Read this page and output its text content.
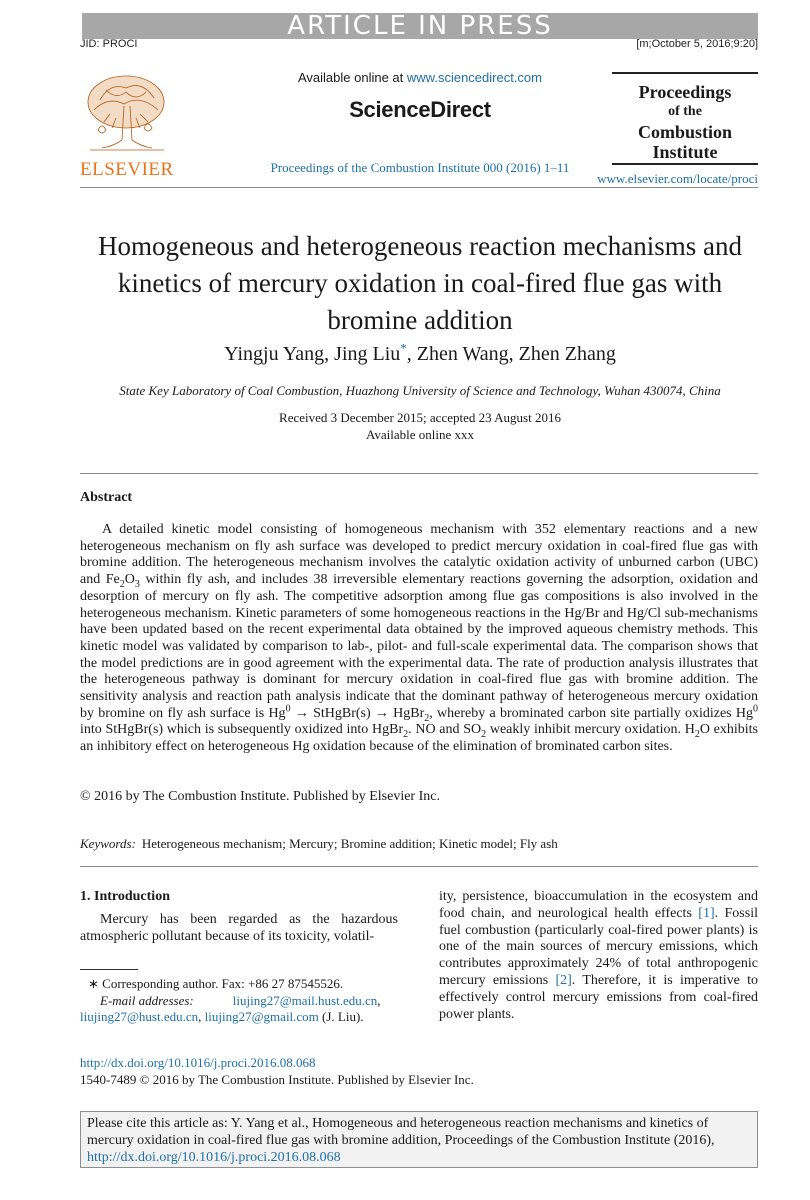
ARTICLE IN PRESS
JID: PROCI	[m;October 5, 2016;9:20]
ELSEVIER
Available online at www.sciencedirect.com
ScienceDirect
Proceedings of the Combustion Institute 000 (2016) 1–11
Proceedings
of the
Combustion
Institute
www.elsevier.com/locate/proci
Homogeneous and heterogeneous reaction mechanisms and kinetics of mercury oxidation in coal-fired flue gas with bromine addition
Yingju Yang, Jing Liu*, Zhen Wang, Zhen Zhang
State Key Laboratory of Coal Combustion, Huazhong University of Science and Technology, Wuhan 430074, China
Received 3 December 2015; accepted 23 August 2016
Available online xxx
Abstract

A detailed kinetic model consisting of homogeneous mechanism with 352 elementary reactions and a new heterogeneous mechanism on fly ash surface was developed to predict mercury oxidation in coal-fired flue gas with bromine addition. The heterogeneous mechanism involves the catalytic oxidation activity of unburned carbon (UBC) and $Fe_2O_3$ within fly ash, and includes 38 irreversible elementary reactions governing the adsorption, oxidation and desorption of mercury on fly ash. The competitive adsorption among flue gas compositions is also involved in the heterogeneous mechanism. Kinetic parameters of some homogeneous reactions in the Hg/Br and Hg/Cl sub-mechanisms have been updated based on the recent experimental data obtained by the improved aqueous chemistry methods. This kinetic model was validated by comparison to lab-, pilot- and full-scale experimental data. The comparison shows that the model predictions are in good agreement with the experimental data. The rate of production analysis illustrates that the heterogeneous pathway is dominant for mercury oxidation in coal-fired flue gas with bromine addition. The sensitivity analysis and reaction path analysis indicate that the dominant pathway of heterogeneous mercury oxidation by bromine on fly ash surface is $Hg^0$ → StHgBr(s) → HgBr$_2$, whereby a brominated carbon site partially oxidizes Hg$^0$ into StHgBr(s) which is subsequently oxidized into HgBr$_2$. NO and $SO_2$ weakly inhibit mercury oxidation. $H_2O$ exhibits an inhibitory effect on heterogeneous Hg oxidation because of the elimination of brominated carbon sites.

© 2016 by The Combustion Institute. Published by Elsevier Inc.
Keywords: Heterogeneous mechanism; Mercury; Bromine addition; Kinetic model; Fly ash
1. Introduction
Mercury has been regarded as the hazardous atmospheric pollutant because of its toxicity, volatil-
ity, persistence, bioaccumulation in the ecosystem and food chain, and neurological health effects [1]. Fossil fuel combustion (particularly coal-fired power plants) is one of the main sources of mercury emissions, which contributes approximately 24% of total anthropogenic mercury emissions [2]. Therefore, it is imperative to effectively control mercury emissions from coal-fired power plants.
∗ Corresponding author. Fax: +86 27 87545526.
E-mail addresses:	liujing27@mail.hust.edu.cn,
liujing27@hust.edu.cn, liujing27@gmail.com (J. Liu).
http://dx.doi.org/10.1016/j.proci.2016.08.068
1540-7489 © 2016 by The Combustion Institute. Published by Elsevier Inc.
Please cite this article as: Y. Yang et al., Homogeneous and heterogeneous reaction mechanisms and kinetics of mercury oxidation in coal-fired flue gas with bromine addition, Proceedings of the Combustion Institute (2016), http://dx.doi.org/10.1016/j.proci.2016.08.068
